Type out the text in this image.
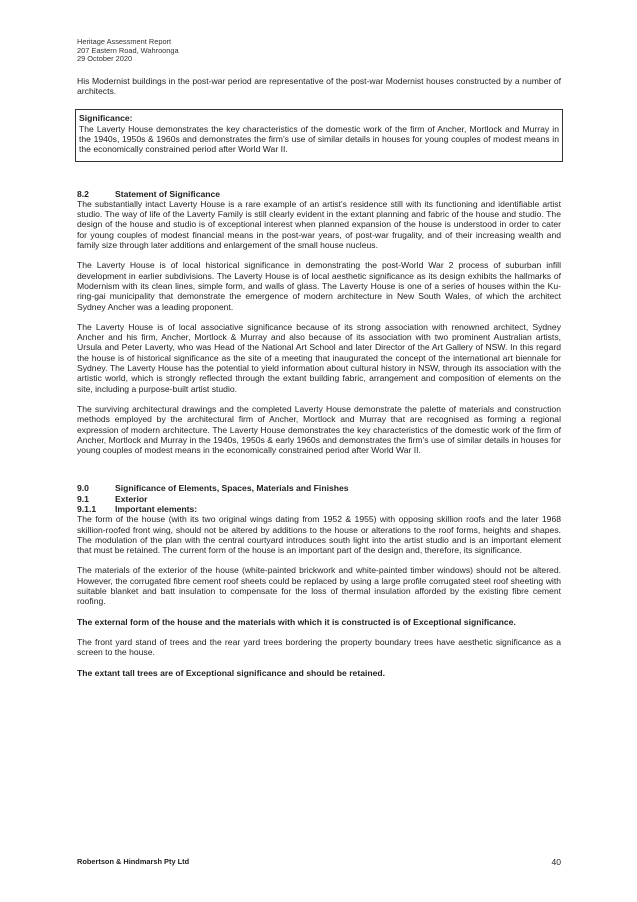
Heritage Assessment Report
207 Eastern Road, Wahroonga
29 October 2020

His Modernist buildings in the post-war period are representative of the post-war Modernist houses constructed by a number of architects.

Significance:

The Laverty House demonstrates the key characteristics of the domestic work of the firm of Ancher, Mortlock and Murray in the 1940s, 1950s & 1960s and demonstrates the firm’s use of similar details in houses for young couples of modest means in the economically constrained period after World War II.

8.2	Statement of Significance

The substantially intact Laverty House is a rare example of an artist’s residence still with its functioning and identifiable artist studio. The way of life of the Laverty Family is still clearly evident in the extant planning and fabric of the house and studio. The design of the house and studio is of exceptional interest when planned expansion of the house is understood in order to cater for young couples of modest financial means in the post-war years, of post-war frugality, and of their increasing wealth and family size through later additions and enlargement of the small house nucleus.

The Laverty House is of local historical significance in demonstrating the post-World War 2 process of suburban infill development in earlier subdivisions. The Laverty House is of local aesthetic significance as its design exhibits the hallmarks of Modernism with its clean lines, simple form, and walls of glass. The Laverty House is one of a series of houses within the Ku-ring-gai municipality that demonstrate the emergence of modern architecture in New South Wales, of which the architect Sydney Ancher was a leading proponent.

The Laverty House is of local associative significance because of its strong association with renowned architect, Sydney Ancher and his firm, Ancher, Mortlock & Murray and also because of its association with two prominent Australian artists, Ursula and Peter Laverty, who was Head of the National Art School and later Director of the Art Gallery of NSW. In this regard the house is of historical significance as the site of a meeting that inaugurated the concept of the international art biennale for Sydney. The Laverty House has the potential to yield information about cultural history in NSW, through its association with the artistic world, which is strongly reflected through the extant building fabric, arrangement and composition of elements on the site, including a purpose-built artist studio.

The surviving architectural drawings and the completed Laverty House demonstrate the palette of materials and construction methods employed by the architectural firm of Ancher, Mortlock and Murray that are recognised as forming a regional expression of modern architecture. The Laverty House demonstrates the key characteristics of the domestic work of the firm of Ancher, Mortlock and Murray in the 1940s, 1950s & early 1960s and demonstrates the firm’s use of similar details in houses for young couples of modest means in the economically constrained period after World War II.

9.0	Significance of Elements, Spaces, Materials and Finishes
9.1	Exterior
9.1.1	Important elements:

The form of the house (with its two original wings dating from 1952 & 1955) with opposing skillion roofs and the later 1968 skillion-roofed front wing, should not be altered by additions to the house or alterations to the roof forms, heights and shapes. The modulation of the plan with the central courtyard introduces south light into the artist studio and is an important element that must be retained. The current form of the house is an important part of the design and, therefore, its significance.

The materials of the exterior of the house (white-painted brickwork and white-painted timber windows) should not be altered. However, the corrugated fibre cement roof sheets could be replaced by using a large profile corrugated steel roof sheeting with suitable blanket and batt insulation to compensate for the loss of thermal insulation afforded by the existing fibre cement roofing.

The external form of the house and the materials with which it is constructed is of Exceptional significance.

The front yard stand of trees and the rear yard trees bordering the property boundary trees have aesthetic significance as a screen to the house.

The extant tall trees are of Exceptional significance and should be retained.

Robertson & Hindmarsh Pty Ltd	40
